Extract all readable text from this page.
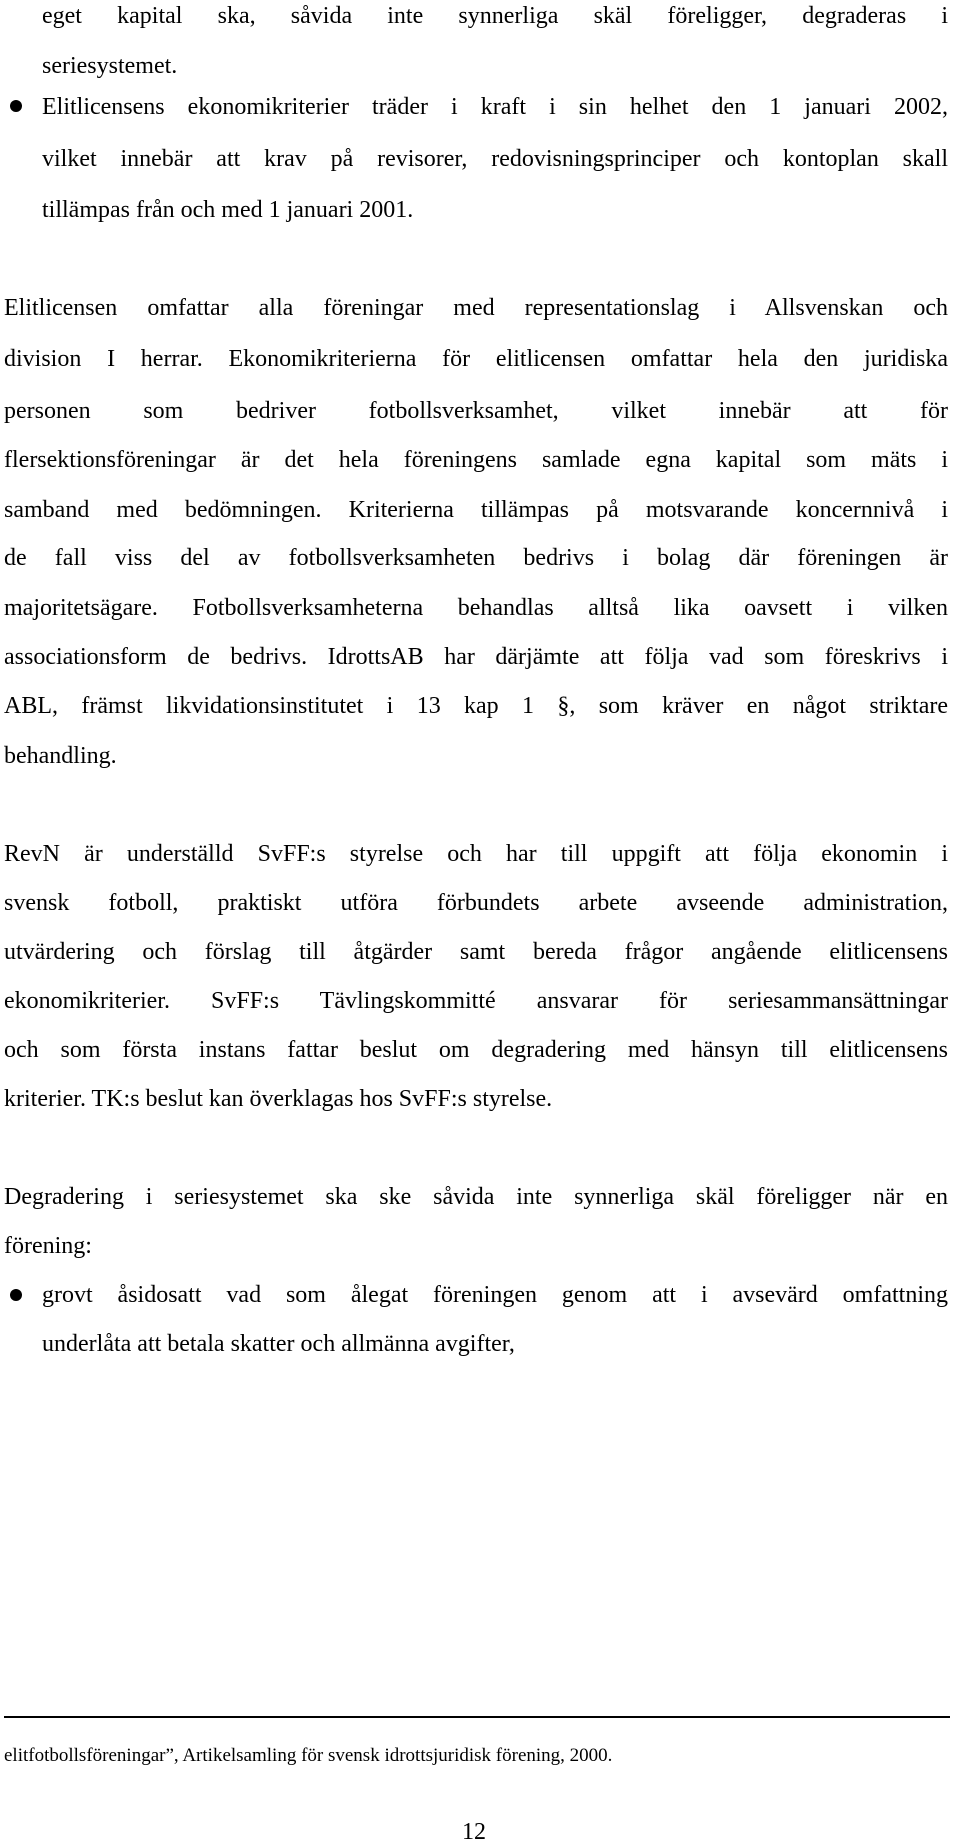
eget kapital ska, såvida inte synnerliga skäl föreligger, degraderas i
seriesystemet.
Elitlicensens ekonomikriterier träder i kraft i sin helhet den 1 januari 2002,
vilket innebär att krav på revisorer, redovisningsprinciper och kontoplan skall
tillämpas från och med 1 januari 2001.
Elitlicensen omfattar alla föreningar med representationslag i Allsvenskan och
division I herrar. Ekonomikriterierna för elitlicensen omfattar hela den juridiska
personen som bedriver fotbollsverksamhet, vilket innebär att för
flersektionsföreningar är det hela föreningens samlade egna kapital som mäts i
samband med bedömningen. Kriterierna tillämpas på motsvarande koncernnivå i
de fall viss del av fotbollsverksamheten bedrivs i bolag där föreningen är
majoritetsägare. Fotbollsverksamheterna behandlas alltså lika oavsett i vilken
associationsform de bedrivs. IdrottsAB har därjämte att följa vad som föreskrivs i
ABL, främst likvidationsinstitutet i 13 kap 1 §, som kräver en något striktare
behandling.
RevN är underställd SvFF:s styrelse och har till uppgift att följa ekonomin i
svensk fotboll, praktiskt utföra förbundets arbete avseende administration,
utvärdering och förslag till åtgärder samt bereda frågor angående elitlicensens
ekonomikriterier. SvFF:s Tävlingskommitté ansvarar för seriesammansättningar
och som första instans fattar beslut om degradering med hänsyn till elitlicensens
kriterier. TK:s beslut kan överklagas hos SvFF:s styrelse.
Degradering i seriesystemet ska ske såvida inte synnerliga skäl föreligger när en
förening:
grovt åsidosatt vad som ålegat föreningen genom att i avsevärd omfattning
underlåta att betala skatter och allmänna avgifter,
elitfotbollsföreningar”, Artikelsamling för svensk idrottsjuridisk förening, 2000.
12
